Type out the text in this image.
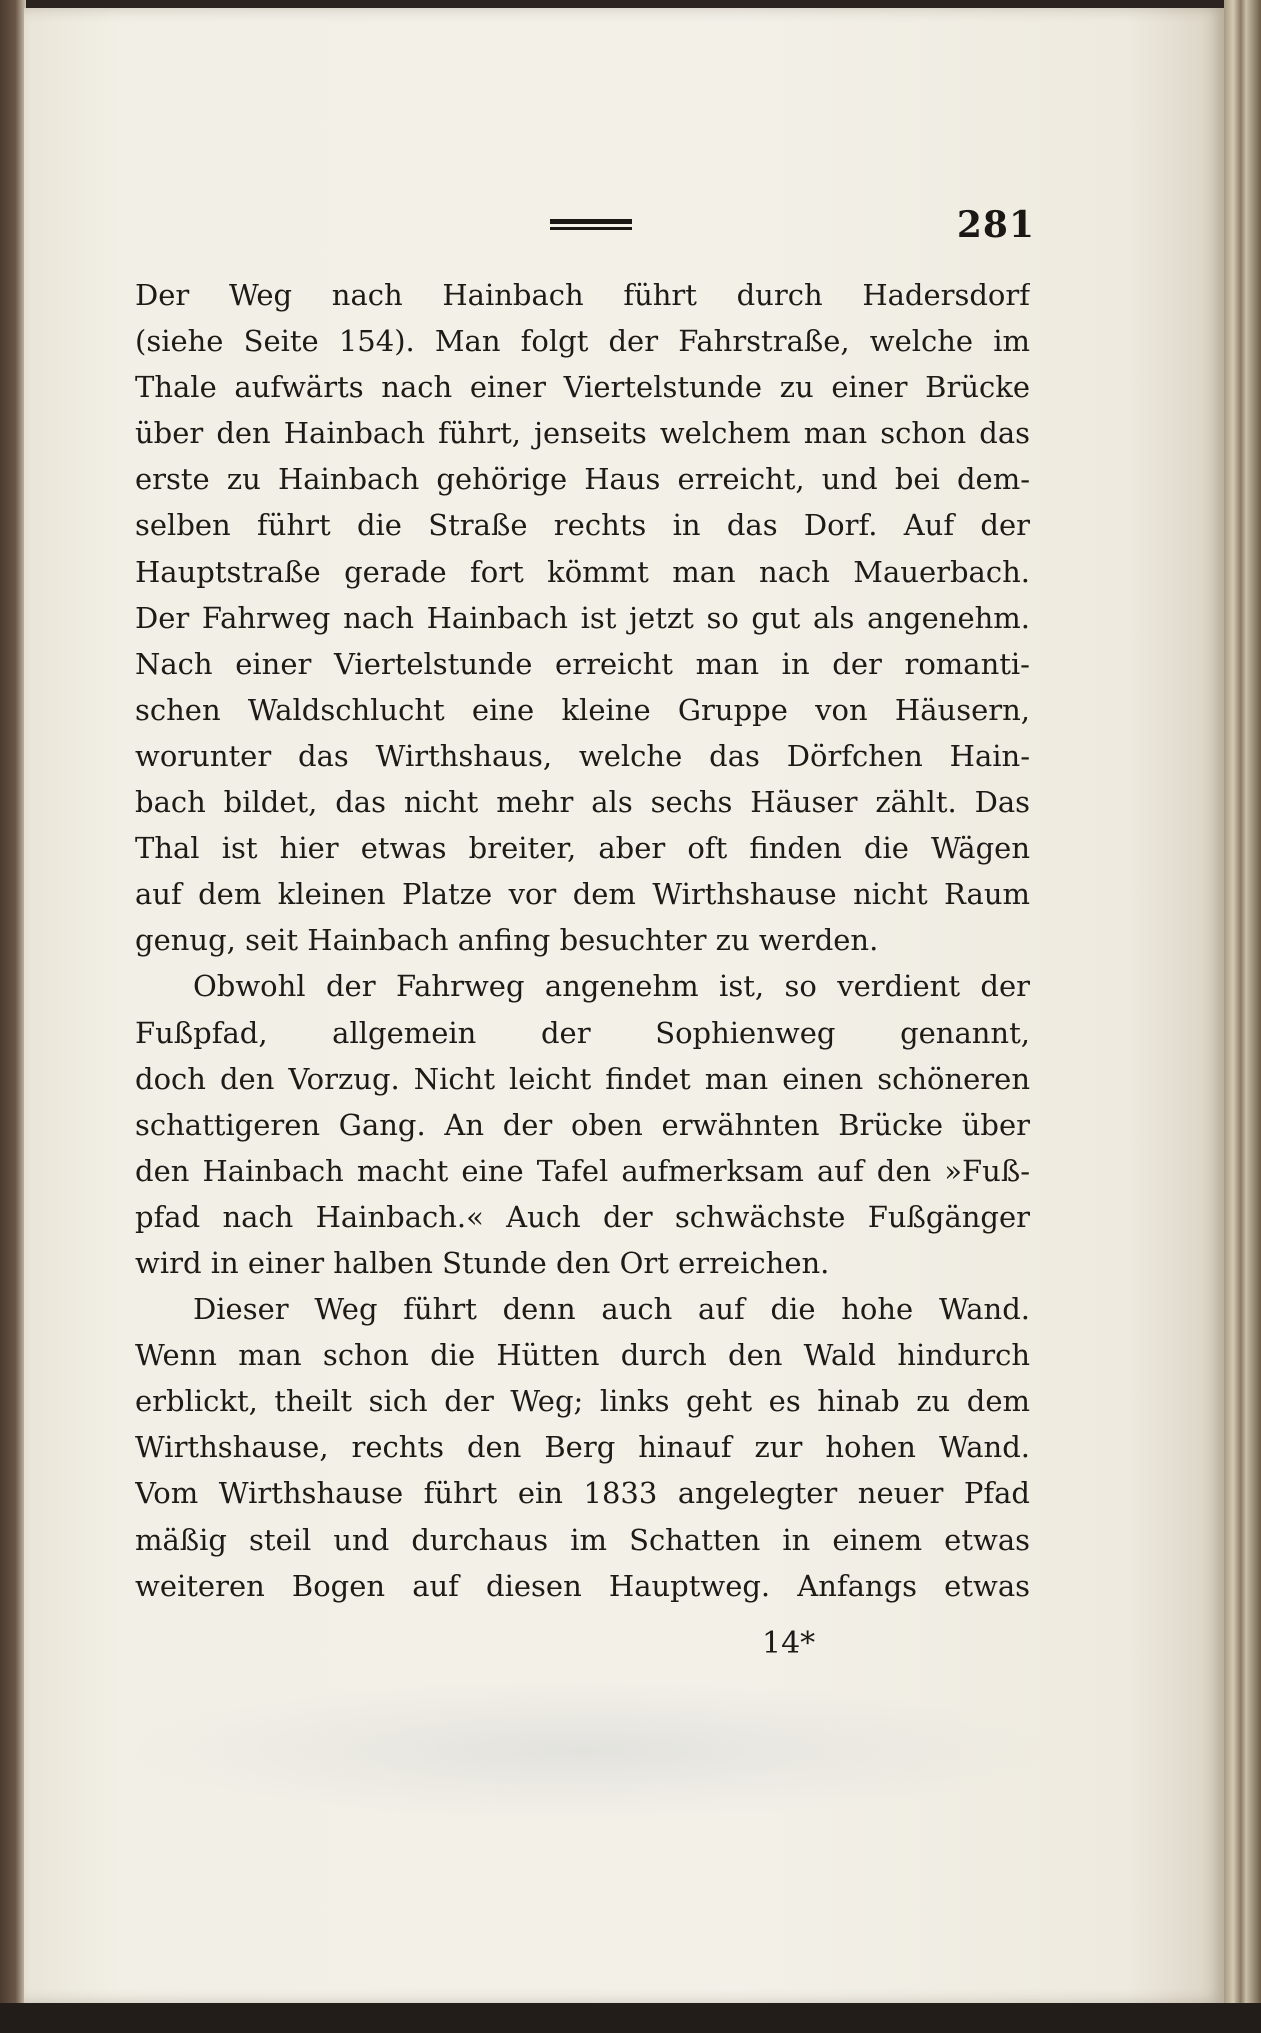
281
Der Weg nach Hainbach führt durch Hadersdorf
(siehe Seite 154). Man folgt der Fahrstraße, welche im
Thale aufwärts nach einer Viertelstunde zu einer Brücke
über den Hainbach führt, jenseits welchem man schon das
erste zu Hainbach gehörige Haus erreicht, und bei dem-
selben führt die Straße rechts in das Dorf. Auf der
Hauptstraße gerade fort kömmt man nach Mauerbach.
Der Fahrweg nach Hainbach ist jetzt so gut als angenehm.
Nach einer Viertelstunde erreicht man in der romanti-
schen Waldschlucht eine kleine Gruppe von Häusern,
worunter das Wirthshaus, welche das Dörfchen Hain-
bach bildet, das nicht mehr als sechs Häuser zählt. Das
Thal ist hier etwas breiter, aber oft finden die Wägen
auf dem kleinen Platze vor dem Wirthshause nicht Raum
genug, seit Hainbach anfing besuchter zu werden.
Obwohl der Fahrweg angenehm ist, so verdient der
Fußpfad, allgemein der Sophienweg genannt,
doch den Vorzug. Nicht leicht findet man einen schöneren
schattigeren Gang. An der oben erwähnten Brücke über
den Hainbach macht eine Tafel aufmerksam auf den »Fuß-
pfad nach Hainbach.« Auch der schwächste Fußgänger
wird in einer halben Stunde den Ort erreichen.
Dieser Weg führt denn auch auf die hohe Wand.
Wenn man schon die Hütten durch den Wald hindurch
erblickt, theilt sich der Weg; links geht es hinab zu dem
Wirthshause, rechts den Berg hinauf zur hohen Wand.
Vom Wirthshause führt ein 1833 angelegter neuer Pfad
mäßig steil und durchaus im Schatten in einem etwas
weiteren Bogen auf diesen Hauptweg. Anfangs etwas
14*
